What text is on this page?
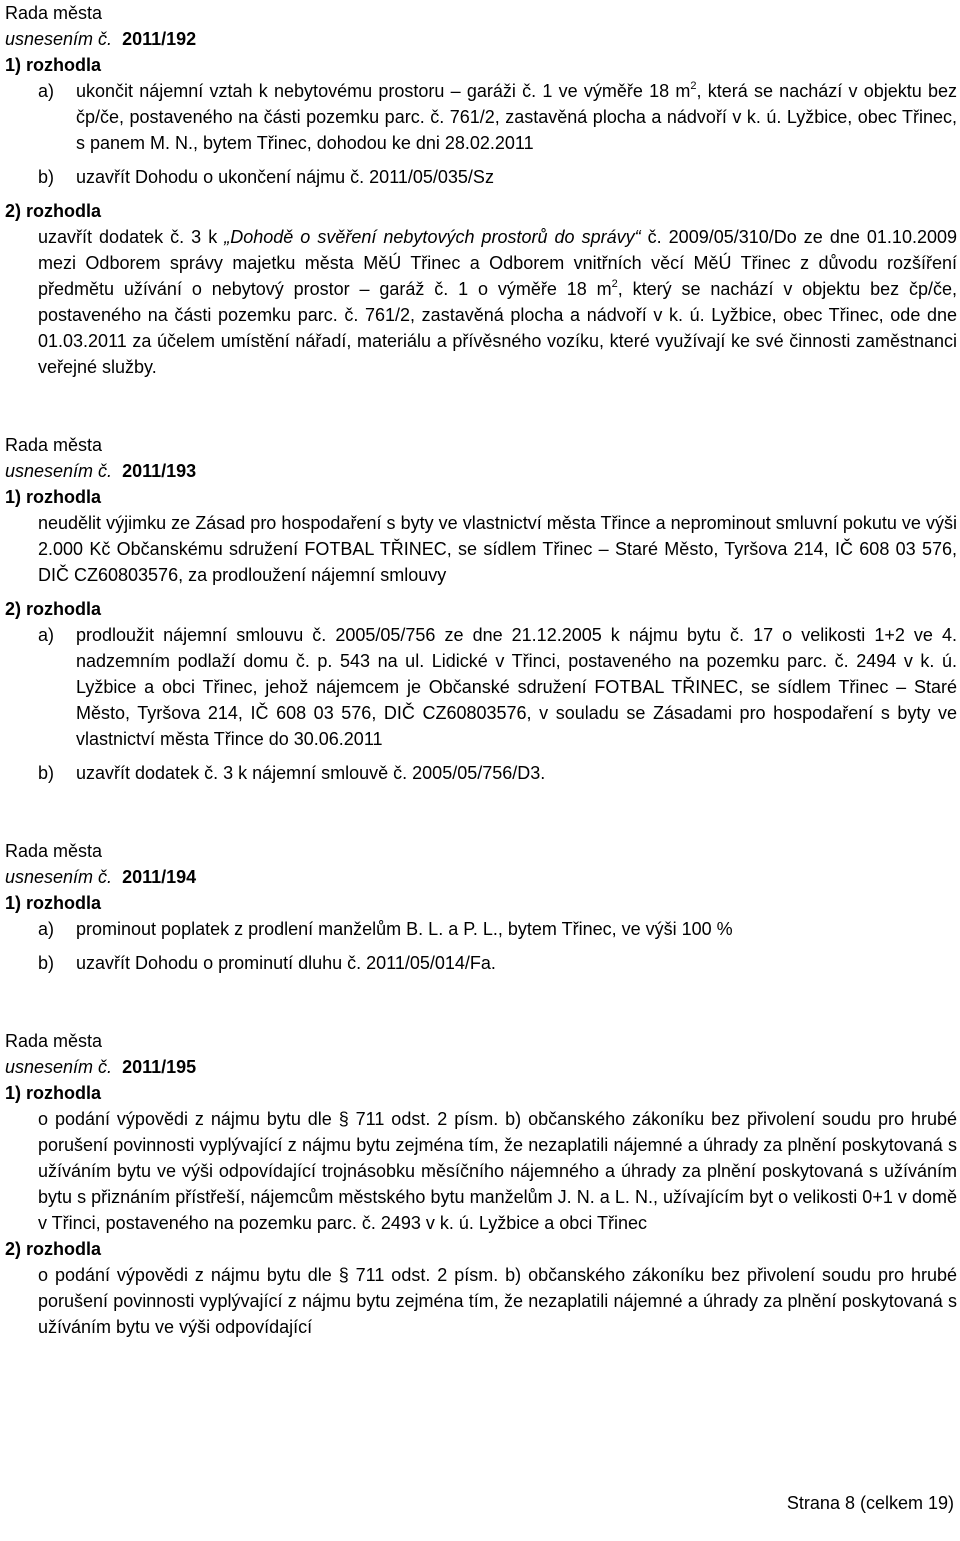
Rada města
usnesením č. 2011/192
1) rozhodla
a) ukončit nájemní vztah k nebytovému prostoru – garáži č. 1 ve výměře 18 $m^2$, která se nachází v objektu bez čp/če, postaveného na části pozemku parc. č. 761/2, zastavěná plocha a nádvoří v k. ú. Lyžbice, obec Třinec, s panem M. N., bytem Třinec, dohodou ke dni 28.02.2011
b) uzavřít Dohodu o ukončení nájmu č. 2011/05/035/Sz
2) rozhodla
uzavřít dodatek č. 3 k „Dohodě o svěření nebytových prostorů do správy“ č. 2009/05/310/Do ze dne 01.10.2009 mezi Odborem správy majetku města MěÚ Třinec a Odborem vnitřních věcí MěÚ Třinec z důvodu rozšíření předmětu užívání o nebytový prostor – garáž č. 1 o výměře 18 $m^2$, který se nachází v objektu bez čp/če, postaveného na části pozemku parc. č. 761/2, zastavěná plocha a nádvoří v k. ú. Lyžbice, obec Třinec, ode dne 01.03.2011 za účelem umístění nářadí, materiálu a přívěsného vozíku, které využívají ke své činnosti zaměstnanci veřejné služby.
Rada města
usnesením č. 2011/193
1) rozhodla
neudělit výjimku ze Zásad pro hospodaření s byty ve vlastnictví města Třince a neprominout smluvní pokutu ve výši 2.000 Kč Občanskému sdružení FOTBAL TŘINEC, se sídlem Třinec – Staré Město, Tyršova 214, IČ 608 03 576, DIČ CZ60803576, za prodloužení nájemní smlouvy
2) rozhodla
a) prodloužit nájemní smlouvu č. 2005/05/756 ze dne 21.12.2005 k nájmu bytu č. 17 o velikosti 1+2 ve 4. nadzemním podlaží domu č. p. 543 na ul. Lidické v Třinci, postaveného na pozemku parc. č. 2494 v k. ú. Lyžbice a obci Třinec, jehož nájemcem je Občanské sdružení FOTBAL TŘINEC, se sídlem Třinec – Staré Město, Tyršova 214, IČ 608 03 576, DIČ CZ60803576, v souladu se Zásadami pro hospodaření s byty ve vlastnictví města Třince do 30.06.2011
b) uzavřít dodatek č. 3 k nájemní smlouvě č. 2005/05/756/D3.
Rada města
usnesením č. 2011/194
1) rozhodla
a) prominout poplatek z prodlení manželům B. L. a P. L., bytem Třinec, ve výši 100 %
b) uzavřít Dohodu o prominutí dluhu č. 2011/05/014/Fa.
Rada města
usnesením č. 2011/195
1) rozhodla
o podání výpovědi z nájmu bytu dle § 711 odst. 2 písm. b) občanského zákoníku bez přivolení soudu pro hrubé porušení povinnosti vyplývající z nájmu bytu zejména tím, že nezaplatili nájemné a úhrady za plnění poskytovaná s užíváním bytu ve výši odpovídající trojnásobku měsíčního nájemného a úhrady za plnění poskytovaná s užíváním bytu s přiznáním přístřeší, nájemcům městského bytu manželům J. N. a L. N., užívajícím byt o velikosti 0+1 v domě v Třinci, postaveného na pozemku parc. č. 2493 v k. ú. Lyžbice a obci Třinec
2) rozhodla
o podání výpovědi z nájmu bytu dle § 711 odst. 2 písm. b) občanského zákoníku bez přivolení soudu pro hrubé porušení povinnosti vyplývající z nájmu bytu zejména tím, že nezaplatili nájemné a úhrady za plnění poskytovaná s užíváním bytu ve výši odpovídající
Strana 8 (celkem 19)
